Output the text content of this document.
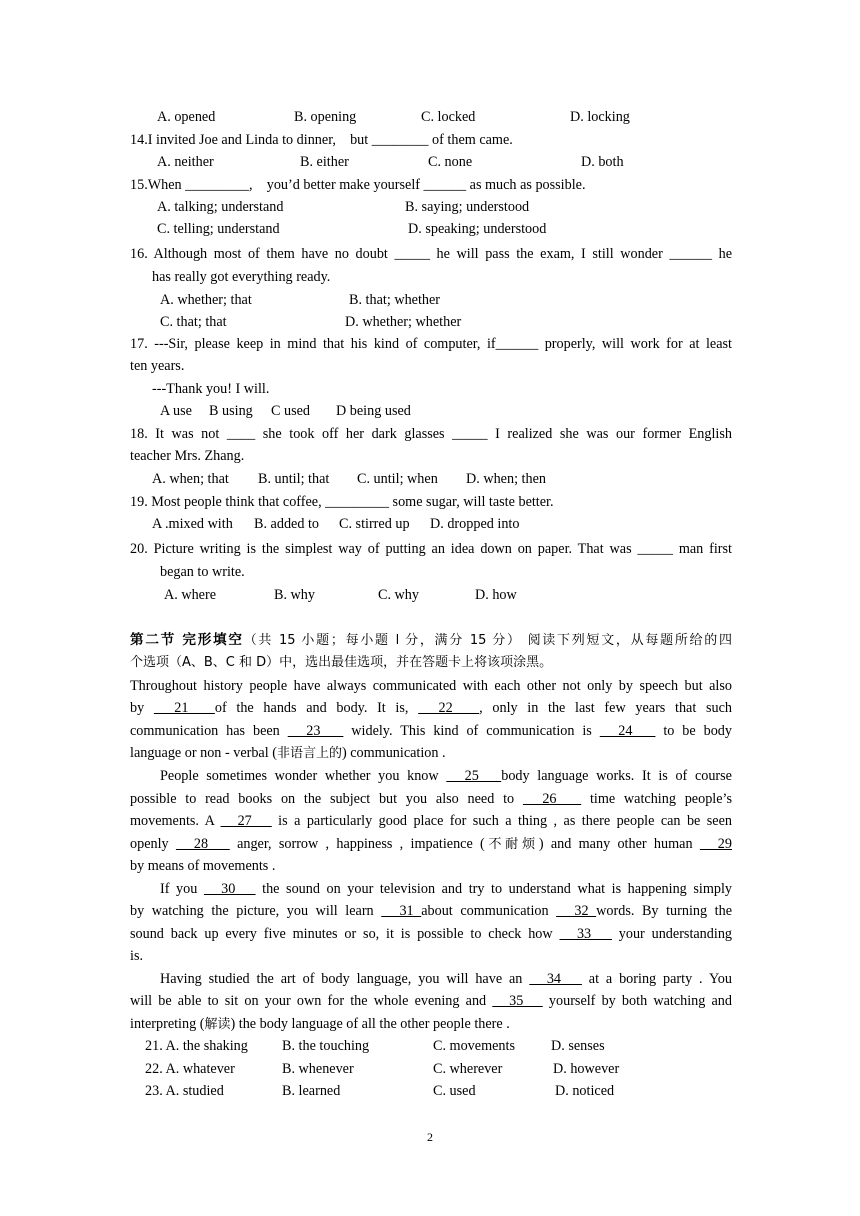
A. opened	B. opening	C. locked	D. locking
14.I invited Joe and Linda to dinner,　but ________ of them came.
A. neither	B. either	C. none	D. both
15.When _________,　you’d better make yourself ______ as much as possible.
A. talking; understand	B. saying; understood
C. telling; understand	D. speaking; understood
16. Although most of them have no doubt _____ he will pass the exam, I still wonder ______ he
has really got everything ready.
A. whether; that	B. that; whether
C. that; that	D. whether; whether
17. ---Sir, please keep in mind that his kind of computer, if______ properly, will work for at least
ten years.
---Thank you! I will.
A use B using C used D being used
18. It was not ____ she took off her dark glasses _____ I realized she was our former English
teacher Mrs. Zhang.
A. when; that B. until; that C. until; when D. when; then
19. Most people think that coffee, _________ some sugar, will taste better.
A .mixed with B. added to C. stirred up D. dropped into
20. Picture writing is the simplest way of putting an idea down on paper. That was _____ man first
began to write.
A. where	B. why	C. why	D. how
第二节 完形填空（共 15 小题；每小题 l 分，满分 15 分） 阅读下列短文，从每题所给的四
个选项（A、B、C 和 D）中，选出最佳选项，并在答题卡上将该项涂黑。
Throughout history people have always communicated with each other not only by speech but also
by 　21　of the hands and body. It is, 　22　, only in the last few years that such
communication has been 　23　 widely. This kind of communication is 　24　 to be body
language or non - verbal (非语言上的) communication .
People sometimes wonder whether you know 　25　body language works. It is of course
possible to read books on the subject but you also need to 　26　 time watching people’s
movements. A 　27　 is a particularly good place for such a thing , as there people can be seen
openly 　28　 anger, sorrow , happiness , impatience (不耐烦) and many other human 　29
by means of movements .
If you 　30　 the sound on your television and try to understand what is happening simply
by watching the picture, you will learn 　31 about communication 　32 words. By turning the
sound back up every five minutes or so, it is possible to check how 　33　 your understanding
is.
Having studied the art of body language, you will have an 　34　 at a boring party . You
will be able to sit on your own for the whole evening and 　35　 yourself by both watching and
interpreting (解读) the body language of all the other people there .
21. A. the shaking B. the touching	C. movements	D. senses
22. A. whatever	B. whenever	C. wherever	D. however
23. A. studied	B. learned	C. used	D. noticed
2
